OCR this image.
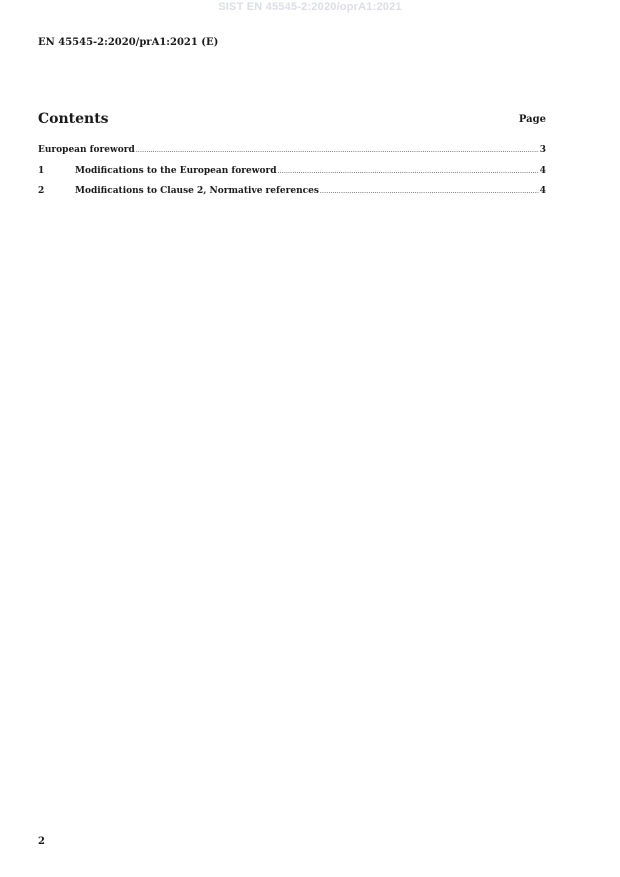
SIST EN 45545-2:2020/oprA1:2021
EN 45545-2:2020/prA1:2021 (E)
Contents	Page
European foreword .....	3
1	Modifications to the European foreword .....	4
2	Modifications to Clause 2, Normative references .....	4
2
